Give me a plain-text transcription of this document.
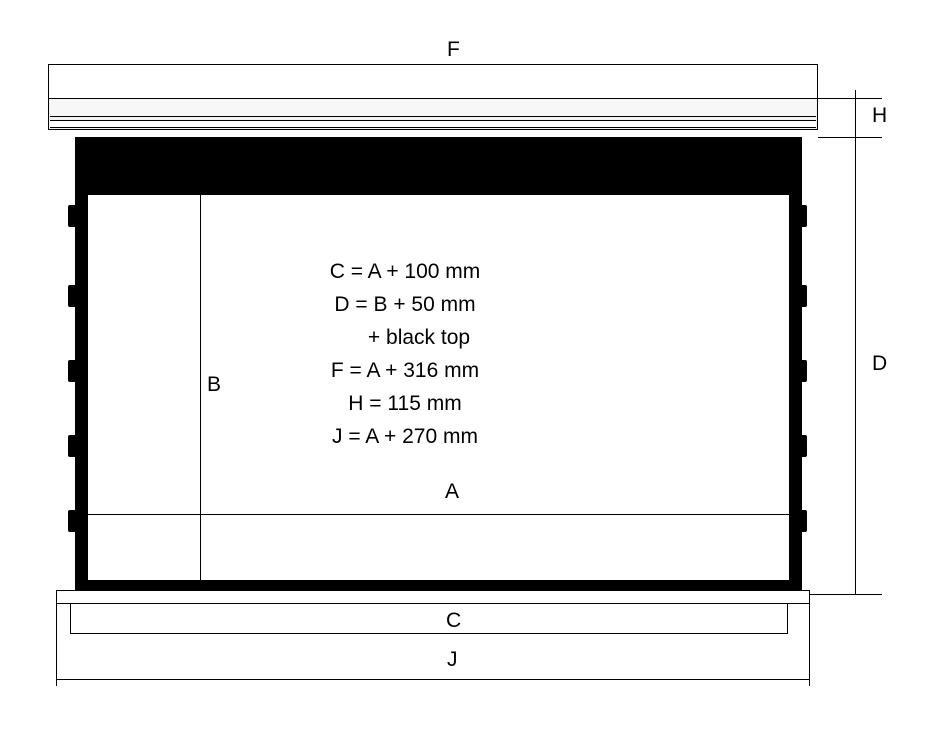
F
H
D
B
C = A + 100 mm
D = B + 50 mm
+ black top
F = A + 316 mm
H = 115 mm
J = A + 270 mm
A
C
J
